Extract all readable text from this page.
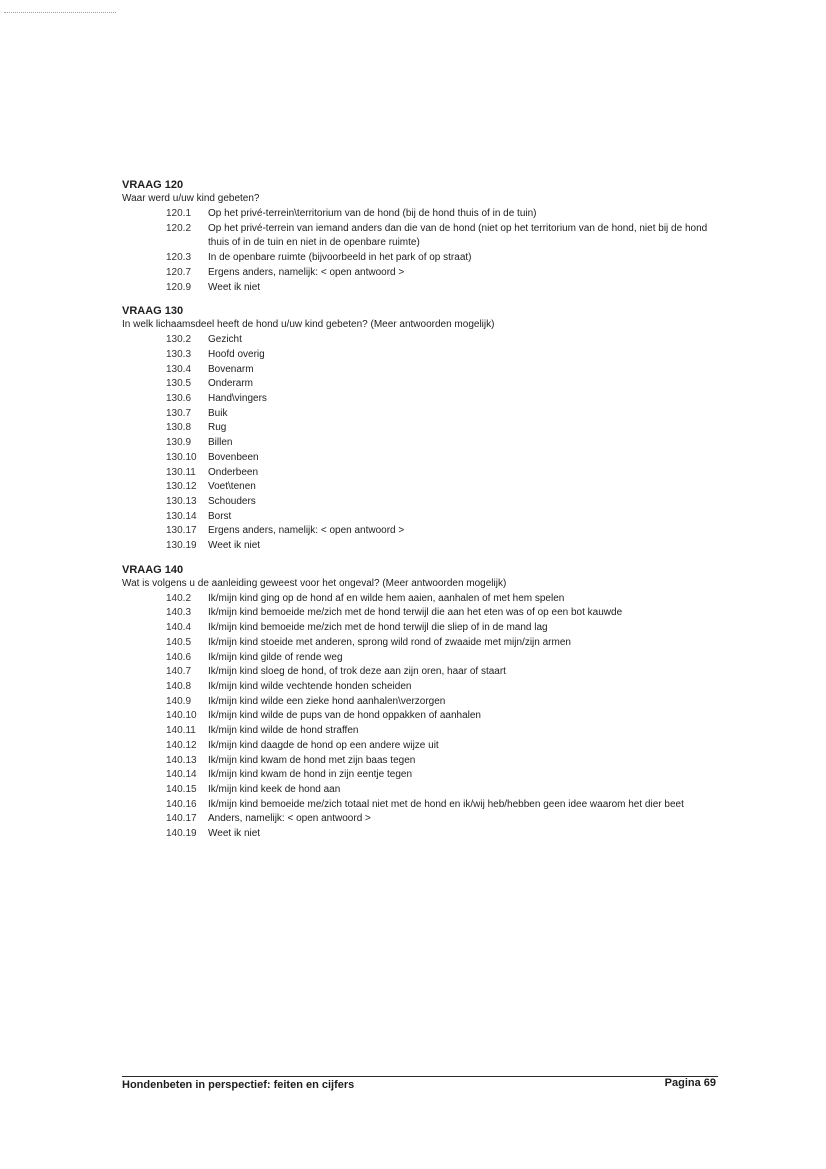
VRAAG 120
Waar werd u/uw kind gebeten?
120.1	Op het privé-terrein\territorium van de hond (bij de hond thuis of in de tuin)
120.2	Op het privé-terrein van iemand anders dan die van de hond (niet op het territorium van de hond, niet bij de hond thuis of in de tuin en niet in de openbare ruimte)
120.3	In de openbare ruimte (bijvoorbeeld in het park of op straat)
120.7	Ergens anders, namelijk: < open antwoord >
120.9	Weet ik niet
VRAAG 130
In welk lichaamsdeel heeft de hond u/uw kind gebeten? (Meer antwoorden mogelijk)
130.2	Gezicht
130.3	Hoofd overig
130.4	Bovenarm
130.5	Onderarm
130.6	Hand\vingers
130.7	Buik
130.8	Rug
130.9	Billen
130.10	Bovenbeen
130.11	Onderbeen
130.12	Voet\tenen
130.13	Schouders
130.14	Borst
130.17	Ergens anders, namelijk: < open antwoord >
130.19	Weet ik niet
VRAAG 140
Wat is volgens u de aanleiding geweest voor het ongeval? (Meer antwoorden mogelijk)
140.2	Ik/mijn kind ging op de hond af en wilde hem aaien, aanhalen of met hem spelen
140.3	Ik/mijn kind bemoeide me/zich met de hond terwijl die aan het eten was of op een bot kauwde
140.4	Ik/mijn kind bemoeide me/zich met de hond terwijl die sliep of in de mand lag
140.5	Ik/mijn kind stoeide met anderen, sprong wild rond of zwaaide met mijn/zijn armen
140.6	Ik/mijn kind gilde of rende weg
140.7	Ik/mijn kind sloeg de hond, of trok deze aan zijn oren, haar of staart
140.8	Ik/mijn kind wilde vechtende honden scheiden
140.9	Ik/mijn kind wilde een zieke hond aanhalen\verzorgen
140.10	Ik/mijn kind wilde de pups van de hond oppakken of aanhalen
140.11	Ik/mijn kind wilde de hond straffen
140.12	Ik/mijn kind daagde de hond op een andere wijze uit
140.13	Ik/mijn kind kwam de hond met zijn baas tegen
140.14	Ik/mijn kind kwam de hond in zijn eentje tegen
140.15	Ik/mijn kind keek de hond aan
140.16	Ik/mijn kind bemoeide me/zich totaal niet met de hond en ik/wij heb/hebben geen idee waarom het dier beet
140.17	Anders, namelijk: < open antwoord >
140.19	Weet ik niet
Hondenbeten in perspectief: feiten en cijfers	Pagina 69
